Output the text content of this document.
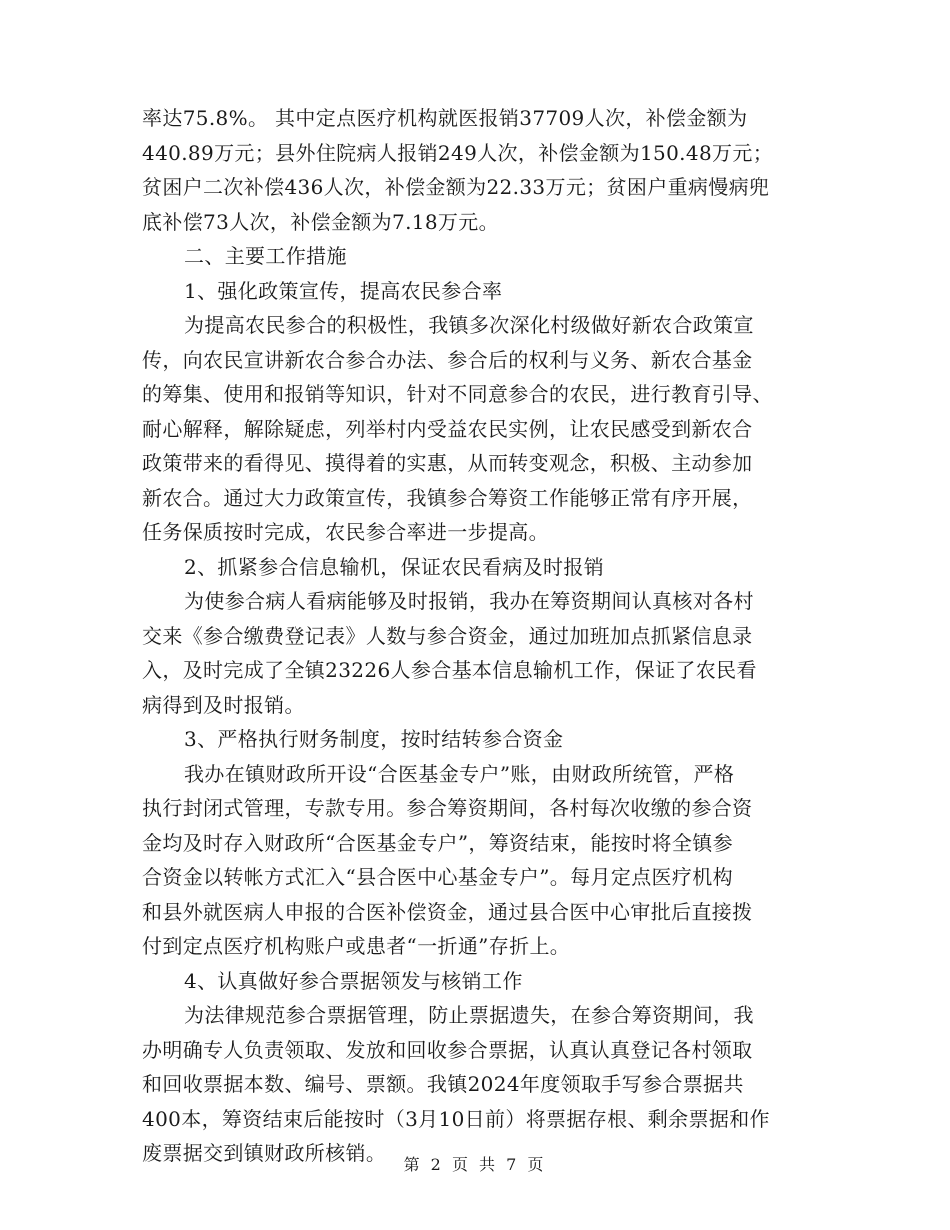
率达75.8%。 其中定点医疗机构就医报销37709人次，补偿金额为
440.89万元；县外住院病人报销249人次，补偿金额为150.48万元；
贫困户二次补偿436人次，补偿金额为22.33万元；贫困户重病慢病兜
底补偿73人次，补偿金额为7.18万元。
二、主要工作措施
1、强化政策宣传，提高农民参合率
为提高农民参合的积极性，我镇多次深化村级做好新农合政策宣
传，向农民宣讲新农合参合办法、参合后的权利与义务、新农合基金
的筹集、使用和报销等知识，针对不同意参合的农民，进行教育引导、
耐心解释，解除疑虑，列举村内受益农民实例，让农民感受到新农合
政策带来的看得见、摸得着的实惠，从而转变观念，积极、主动参加
新农合。通过大力政策宣传，我镇参合筹资工作能够正常有序开展，
任务保质按时完成，农民参合率进一步提高。
2、抓紧参合信息输机，保证农民看病及时报销
为使参合病人看病能够及时报销，我办在筹资期间认真核对各村
交来《参合缴费登记表》人数与参合资金，通过加班加点抓紧信息录
入，及时完成了全镇23226人参合基本信息输机工作，保证了农民看
病得到及时报销。
3、严格执行财务制度，按时结转参合资金
我办在镇财政所开设“合医基金专户”账，由财政所统管，严格
执行封闭式管理，专款专用。参合筹资期间，各村每次收缴的参合资
金均及时存入财政所“合医基金专户”，筹资结束，能按时将全镇参
合资金以转帐方式汇入“县合医中心基金专户”。每月定点医疗机构
和县外就医病人申报的合医补偿资金，通过县合医中心审批后直接拨
付到定点医疗机构账户或患者“一折通”存折上。
4、认真做好参合票据领发与核销工作
为法律规范参合票据管理，防止票据遗失，在参合筹资期间，我
办明确专人负责领取、发放和回收参合票据，认真认真登记各村领取
和回收票据本数、编号、票额。我镇2024年度领取手写参合票据共
400本，筹资结束后能按时（3月10日前）将票据存根、剩余票据和作
废票据交到镇财政所核销。	第 2 页 共 7 页
